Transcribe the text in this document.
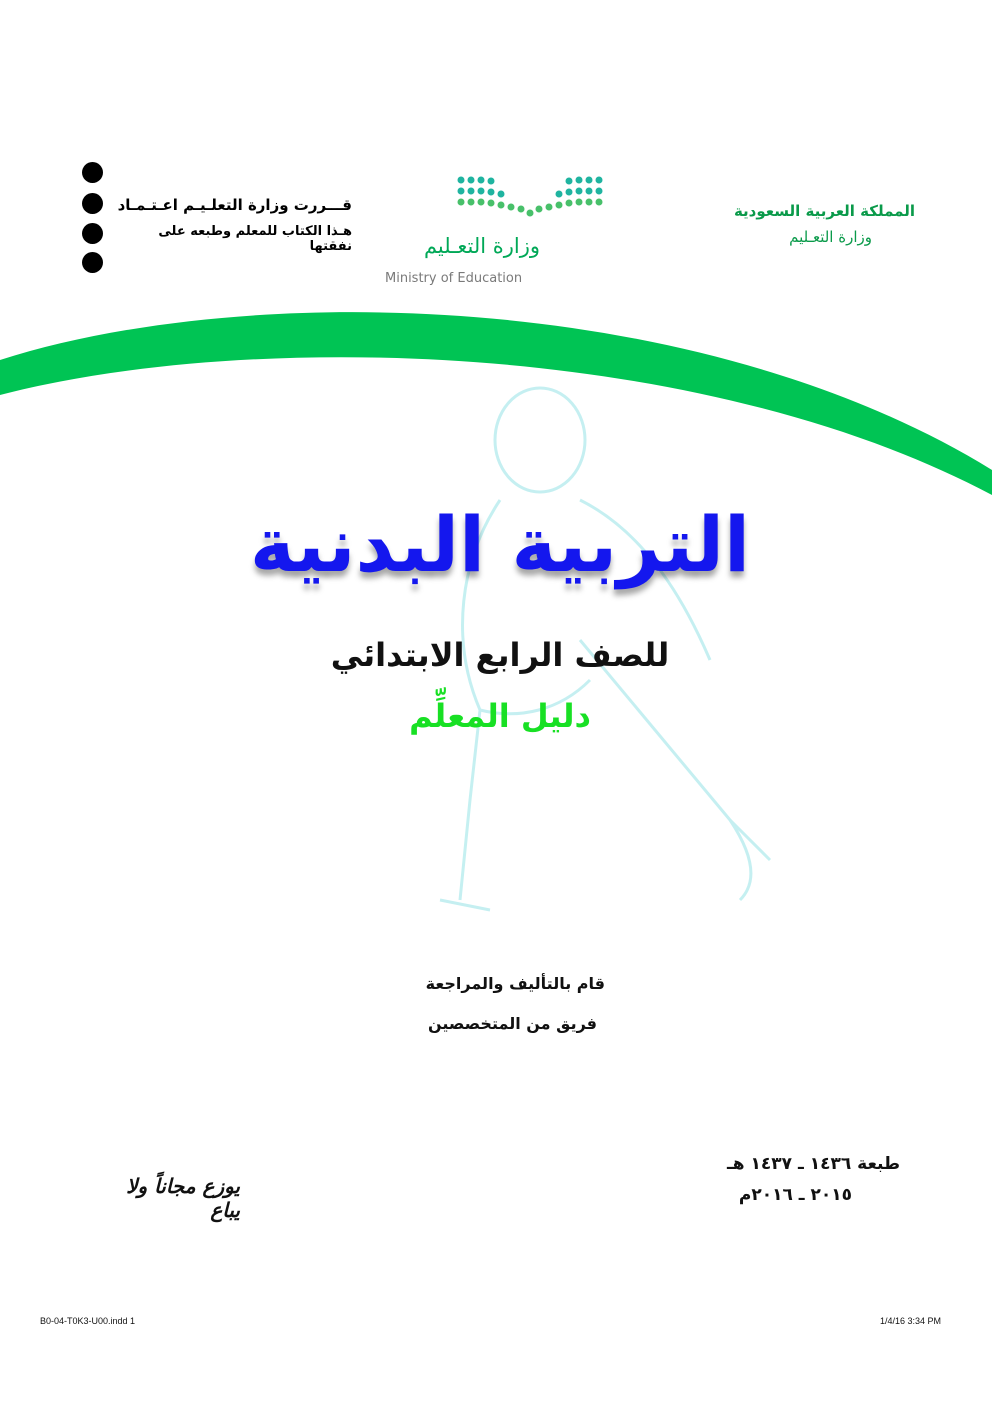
قـــررت وزارة التعلـيـم اعـتـمـاد
هـذا الكتاب للمعلم وطبعه على نفقتها	وزارة التعـليم
Ministry of Education
المملكة العربية السعودية
وزارة التعـليم
التربية البدنية
للصف الرابع الابتدائي
دليل المعلِّم
قام بالتأليف والمراجعة
فريق من المتخصصين
طبعة ١٤٣٦ ـ ١٤٣٧ هـ
٢٠١٥ ـ ٢٠١٦م
يوزع مجاناً ولا يباع
B0-04-T0K3-U00.indd 1	1/4/16 3:34 PM
